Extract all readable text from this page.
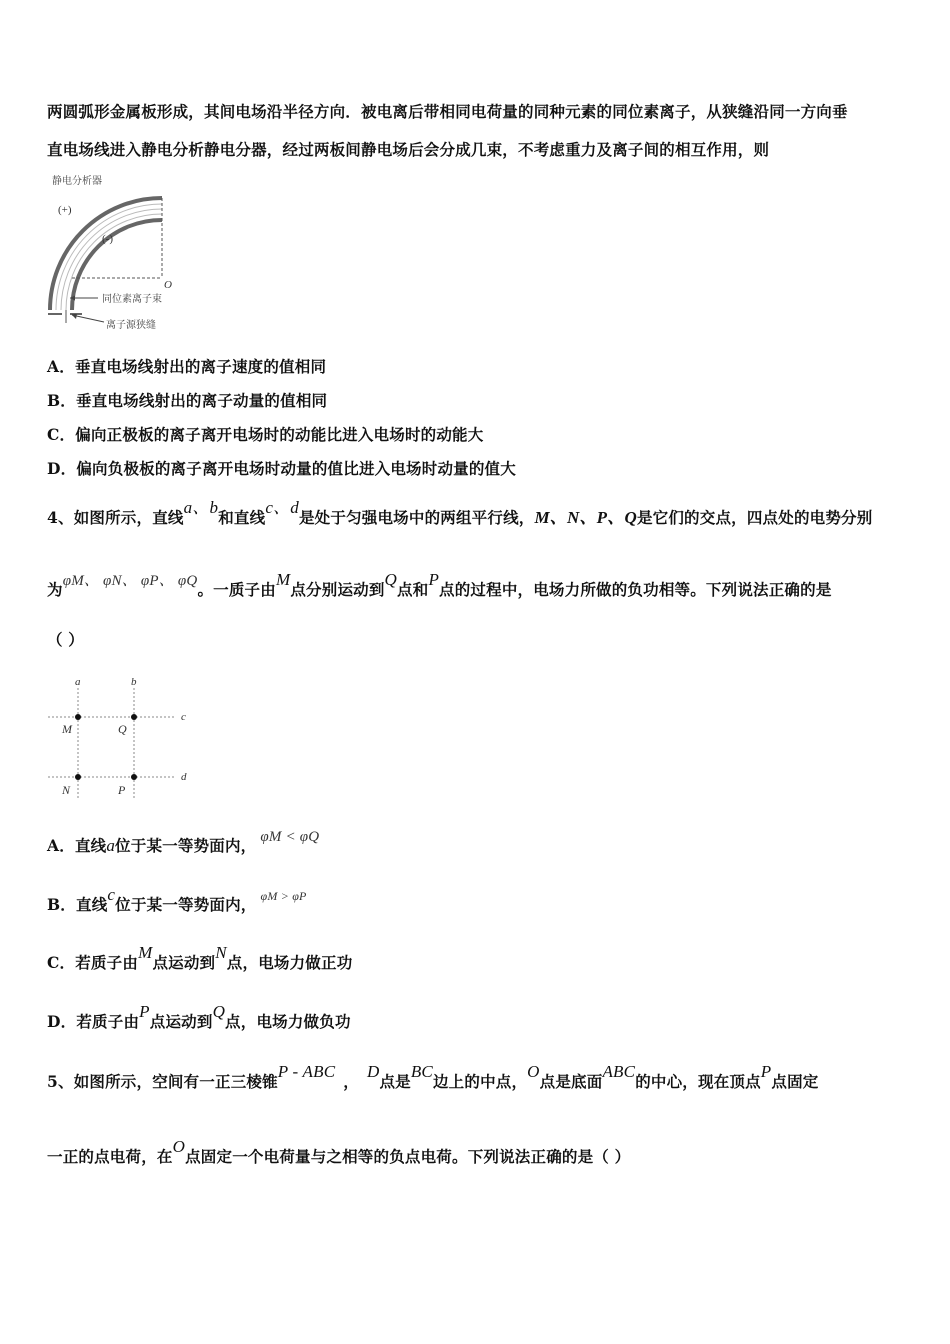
两圆弧形金属板形成，其间电场沿半径方向．被电离后带相同电荷量的同种元素的同位素离子，从狭缝沿同一方向垂
直电场线进入静电分析静电分器，经过两板间静电场后会分成几束，不考虑重力及离子间的相互作用，则
静电分析器
(+)
(-)
O
同位素离子束
离子源狭缝
A．垂直电场线射出的离子速度的值相同
B．垂直电场线射出的离子动量的值相同
C．偏向正极板的离子离开电场时的动能比进入电场时的动能大
D．偏向负极板的离子离开电场时动量的值比进入电场时动量的值大
4、如图所示，直线a、b和直线c、d是处于匀强电场中的两组平行线，M、N、P、Q是它们的交点，四点处的电势分别
为φM、 φN、 φP、 φQ。一质子由M点分别运动到Q点和P点的过程中，电场力所做的负功相等。下列说法正确的是
（ ）
a	b
c
d
M	Q
N	P
A．直线a位于某一等势面内， φM < φQ
B．直线c位于某一等势面内， $^{\varphi M > \varphi P}$
C．若质子由M点运动到N点，电场力做正功
D．若质子由P点运动到Q点，电场力做负功
5、如图所示，空间有一正三棱锥P - ABC，D点是BC边上的中点，O点是底面ABC的中心，现在顶点P点固定
一正的点电荷，在O点固定一个电荷量与之相等的负点电荷。下列说法正确的是（ ）
